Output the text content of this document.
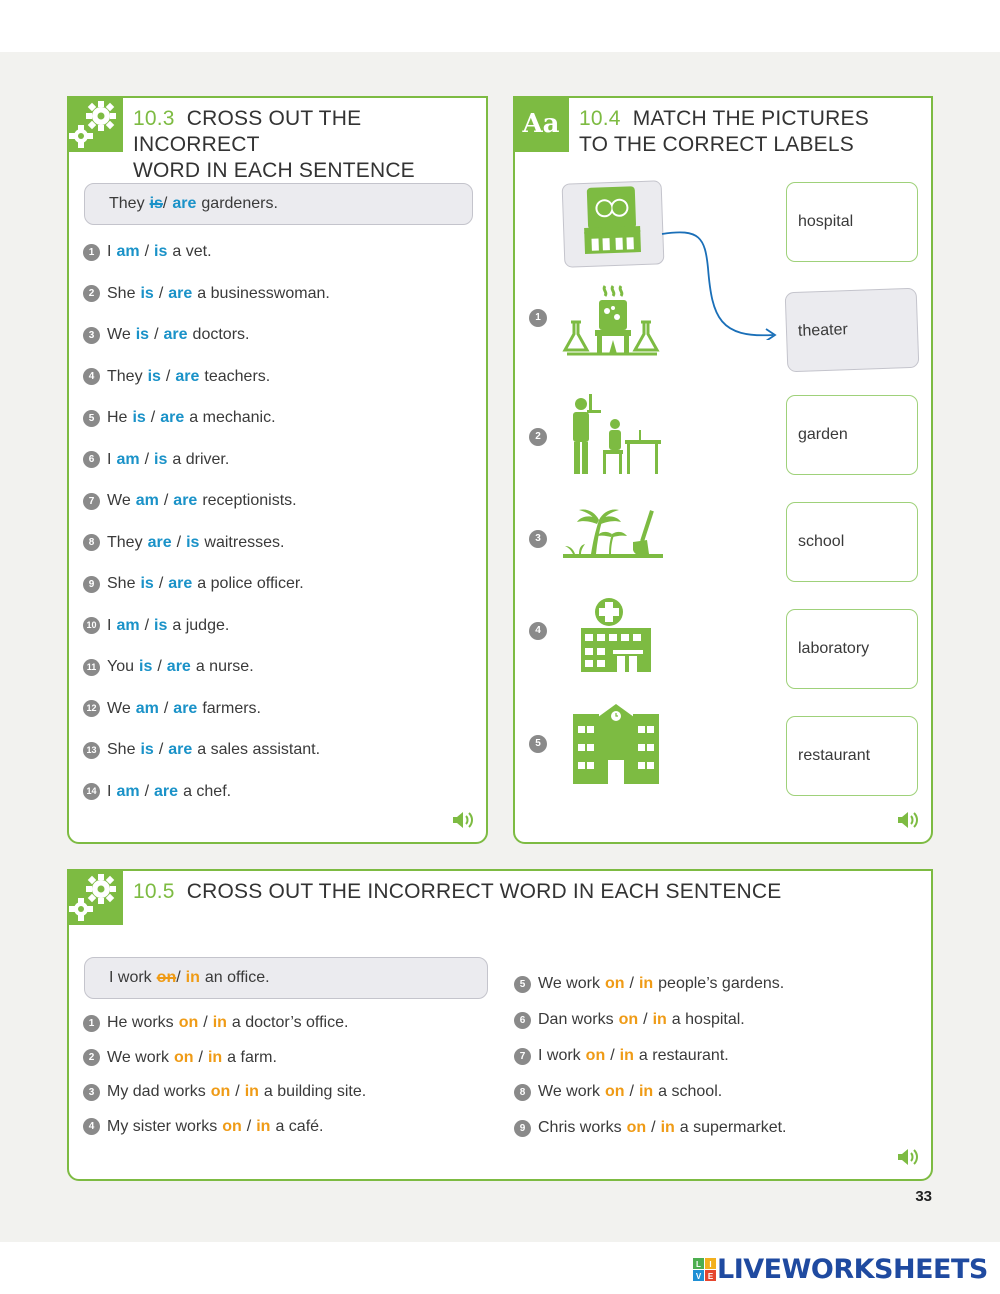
10.3 CROSS OUT THE INCORRECT
WORD IN EACH SENTENCE
They is / are gardeners.
1 I am / is a vet.
2 She is / are a businesswoman.
3 We is / are doctors.
4 They is / are teachers.
5 He is / are a mechanic.
6 I am / is a driver.
7 We am / are receptionists.
8 They are / is waitresses.
9 She is / are a police officer.
10 I am / is a judge.
11 You is / are a nurse.
12 We am / are farmers.
13 She is / are a sales assistant.
14 I am / are a chef.
Aa 10.4 MATCH THE PICTURES
TO THE CORRECT LABELS
1
2
3
4
5
hospital
theater
garden
school
laboratory
restaurant
10.5 CROSS OUT THE INCORRECT WORD IN EACH SENTENCE
I work on / in an office.
1 He works on / in a doctor’s office.
2 We work on / in a farm.
3 My dad works on / in a building site.
4 My sister works on / in a café.
5 We work on / in people’s gardens.
6 Dan works on / in a hospital.
7 I work on / in a restaurant.
8 We work on / in a school.
9 Chris works on / in a supermarket.
33
L I
V E LIVEWORKSHEETS
